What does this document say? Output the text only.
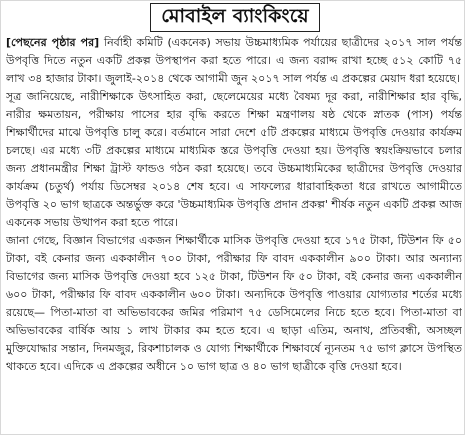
মোবাইল ব্যাংকিংয়ে

[পেছনের পৃষ্ঠার পর] নির্বাহী কমিটি (একনেক) সভায় উচ্চমাধ্যমিক পর্যায়ের ছাত্রীদের ২০১৭ সাল পর্যন্ত উপবৃত্তি দিতে নতুন একটি প্রকল্প উপস্থাপন করা হতে পারে। এ জন্য বরাদ্দ রাখা হচ্ছে ৫১২ কোটি ৭৫ লাখ ৩৪ হাজার টাকা। জুলাই-২০১৪ থেকে আগামী জুন ২০১৭ সাল পর্যন্ত এ প্রকল্পের মেয়াদ ধরা হয়েছে।

সূত্র জানিয়েছে, নারীশিক্ষাকে উৎসাহিত করা, ছেলেমেয়ের মধ্যে বৈষম্য দূর করা, নারীশিক্ষার হার বৃদ্ধি, নারীর ক্ষমতায়ন, পরীক্ষায় পাসের হার বৃদ্ধি করতে শিক্ষা মন্ত্রণালয় ষষ্ঠ থেকে স্নাতক (পাস) পর্যন্ত শিক্ষার্থীদের মাঝে উপবৃত্তি চালু করে। বর্তমানে সারা দেশে ৫টি প্রকল্পের মাধ্যমে উপবৃত্তি দেওয়ার কার্যক্রম চলছে। এর মধ্যে ৩টি প্রকল্পের মাধ্যমে মাধ্যমিক স্তরে উপবৃত্তি দেওয়া হয়। উপবৃত্তি স্বয়ংক্রিয়ভাবে চলার জন্য প্রধানমন্ত্রীর শিক্ষা ট্রাস্ট ফান্ডও গঠন করা হয়েছে। তবে উচ্চমাধ্যমিকের ছাত্রীদের উপবৃত্তি দেওয়ার কার্যক্রম (চতুর্থ) পর্যায় ডিসেম্বর ২০১৪ শেষ হবে। এ সাফল্যের ধারাবাহিকতা ধরে রাখতে আগামীতে উপবৃত্তি ২০ ভাগ ছাত্রকে অন্তর্ভুক্ত করে 'উচ্চমাধ্যমিক উপবৃত্তি প্রদান প্রকল্প' শীর্ষক নতুন একটি প্রকল্প আজ একনেক সভায় উত্থাপন করা হতে পারে।

জানা গেছে, বিজ্ঞান বিভাগের একজন শিক্ষার্থীকে মাসিক উপবৃত্তি দেওয়া হবে ১৭৫ টাকা, টিউশন ফি ৫০ টাকা, বই কেনার জন্য এককালীন ৭০০ টাকা, পরীক্ষার ফি বাবদ এককালীন ৯০০ টাকা। আর অন্যান্য বিভাগের জন্য মাসিক উপবৃত্তি দেওয়া হবে ১২৫ টাকা, টিউশন ফি ৫০ টাকা, বই কেনার জন্য এককালীন ৬০০ টাকা, পরীক্ষার ফি বাবদ এককালীন ৬০০ টাকা। অন্যদিকে উপবৃত্তি পাওয়ার যোগ্যতার শর্তের মধ্যে রয়েছে— পিতা-মাতা বা অভিভাবকের জমির পরিমাণ ৭৫ ডেসিমেলের নিচে হতে হবে। পিতা-মাতা বা অভিভাবকের বার্ষিক আয় ১ লাখ টাকার কম হতে হবে। এ ছাড়া এতিম, অনাথ, প্রতিবন্ধী, অসচ্ছল মুক্তিযোদ্ধার সন্তান, দিনমজুর, রিকশাচালক ও যোগ্য শিক্ষার্থীকে শিক্ষাবর্ষে ন্যূনতম ৭৫ ভাগ ক্লাসে উপস্থিত থাকতে হবে। এদিকে এ প্রকল্পের অধীনে ১০ ভাগ ছাত্র ও ৪০ ভাগ ছাত্রীকে বৃত্তি দেওয়া হবে।
